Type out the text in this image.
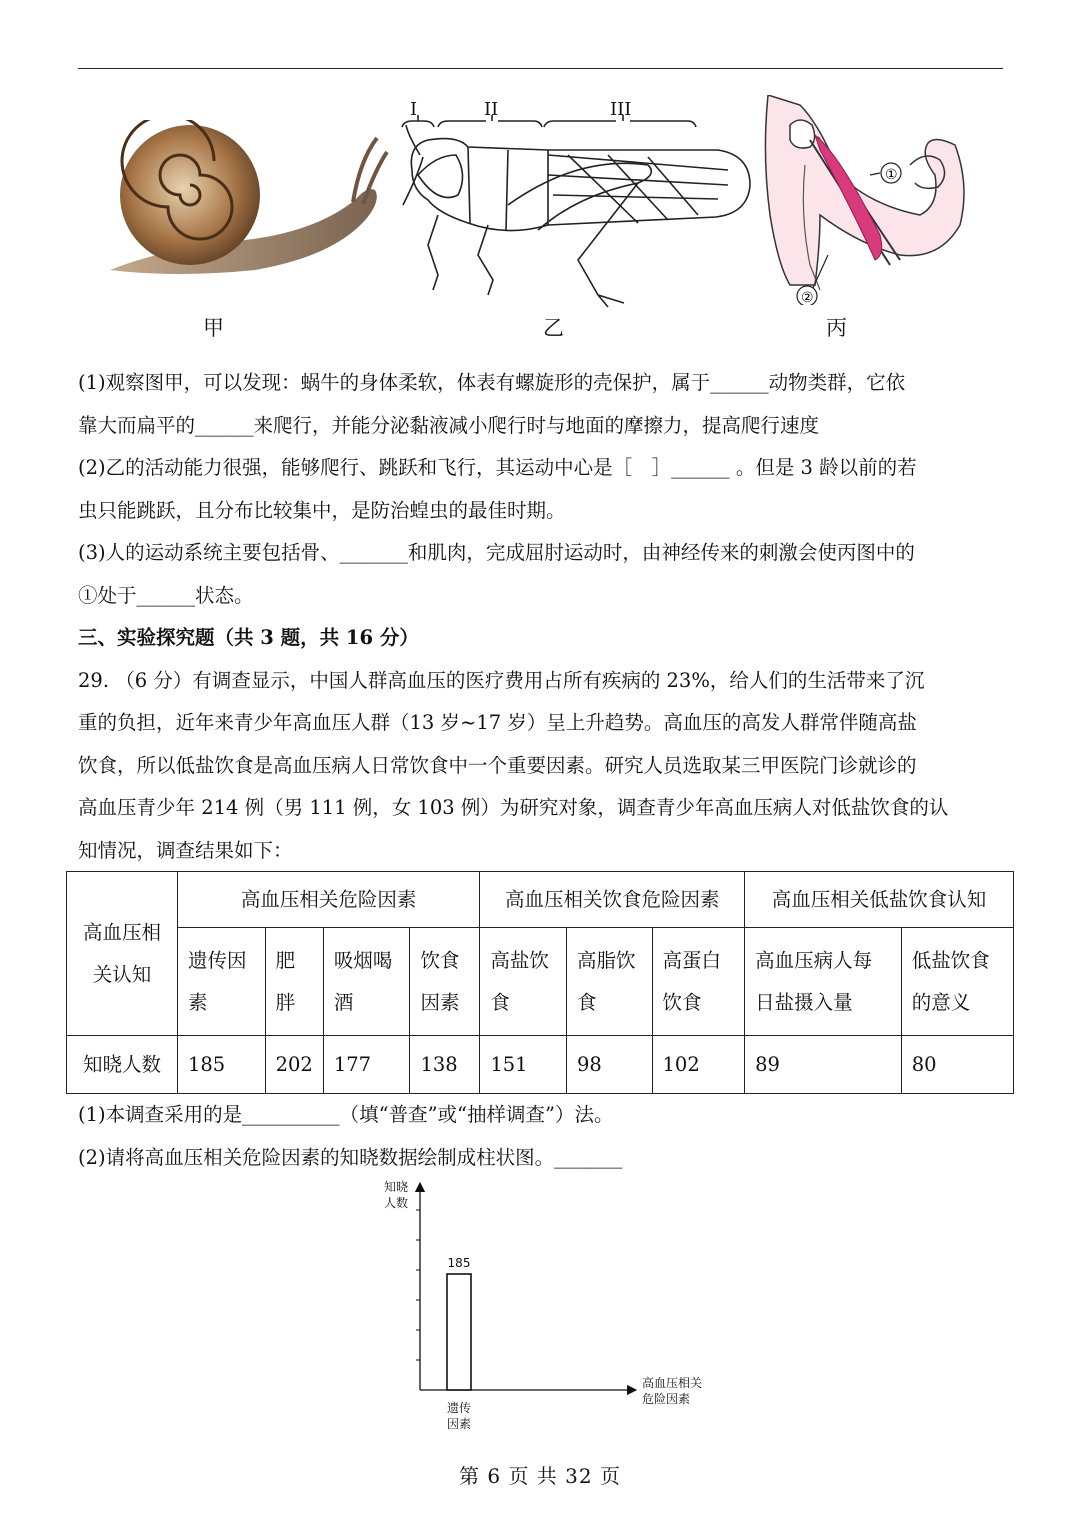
I	II	III
①
②
甲	乙	丙

(1)观察图甲，可以发现：蜗牛的身体柔软，体表有螺旋形的壳保护，属于______动物类群，它依

靠大而扁平的______来爬行，并能分泌黏液减小爬行时与地面的摩擦力，提高爬行速度

(2)乙的活动能力很强，能够爬行、跳跃和飞行，其运动中心是［　］______ 。但是 3 龄以前的若

虫只能跳跃，且分布比较集中，是防治蝗虫的最佳时期。

(3)人的运动系统主要包括骨、_______和肌肉，完成屈肘运动时，由神经传来的刺激会使丙图中的

①处于______状态。

三、实验探究题（共 3 题，共 16 分）

29. （6 分）有调查显示，中国人群高血压的医疗费用占所有疾病的 23%，给人们的生活带来了沉

重的负担，近年来青少年高血压人群（13 岁~17 岁）呈上升趋势。高血压的高发人群常伴随高盐

饮食，所以低盐饮食是高血压病人日常饮食中一个重要因素。研究人员选取某三甲医院门诊就诊的

高血压青少年 214 例（男 111 例，女 103 例）为研究对象，调查青少年高血压病人对低盐饮食的认

知情况，调查结果如下：

高血压相关认知	高血压相关危险因素				高血压相关饮食危险因素			高血压相关低盐饮食认知	
	遗传因素	肥胖	吸烟喝酒	饮食因素	高盐饮食	高脂饮食	高蛋白饮食	高血压病人每日盐摄入量	低盐饮食的意义
知晓人数	185	202	177	138	151	98	102	89	80

(1)本调查采用的是__________（填“普查”或“抽样调查”）法。

(2)请将高血压相关危险因素的知晓数据绘制成柱状图。_______

知晓
人数
高血压相关
危险因素
185
遗传
因素
第 6 页 共 32 页
